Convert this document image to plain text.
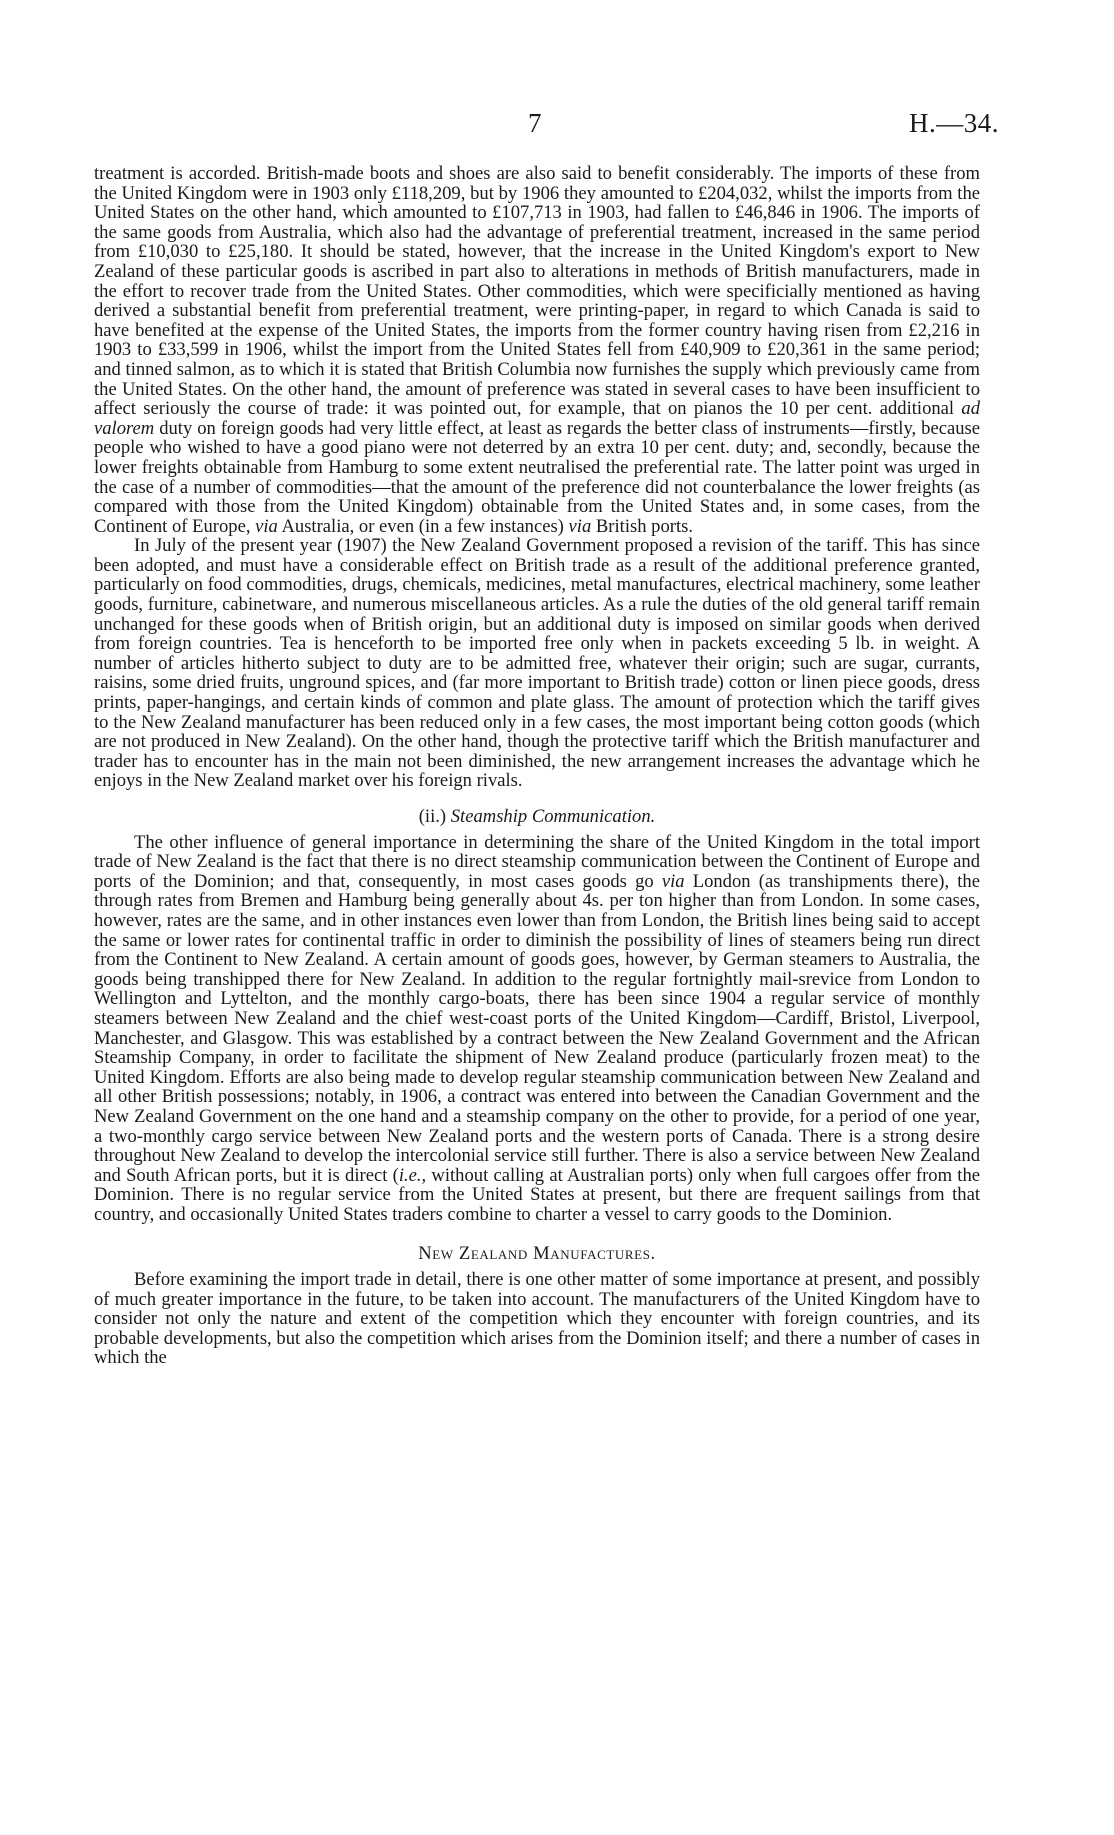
7	H.—34.

treatment is accorded. British-made boots and shoes are also said to benefit considerably. The imports of these from the United Kingdom were in 1903 only £118,209, but by 1906 they amounted to £204,032, whilst the imports from the United States on the other hand, which amounted to £107,713 in 1903, had fallen to £46,846 in 1906. The imports of the same goods from Australia, which also had the advantage of preferential treatment, increased in the same period from £10,030 to £25,180. It should be stated, however, that the increase in the United Kingdom's export to New Zealand of these particular goods is ascribed in part also to alterations in methods of British manufacturers, made in the effort to recover trade from the United States. Other commodities, which were specificially mentioned as having derived a substantial benefit from preferential treatment, were printing-paper, in regard to which Canada is said to have benefited at the expense of the United States, the imports from the former country having risen from £2,216 in 1903 to £33,599 in 1906, whilst the import from the United States fell from £40,909 to £20,361 in the same period; and tinned salmon, as to which it is stated that British Columbia now furnishes the supply which previously came from the United States. On the other hand, the amount of preference was stated in several cases to have been insufficient to affect seriously the course of trade: it was pointed out, for example, that on pianos the 10 per cent. additional ad valorem duty on foreign goods had very little effect, at least as regards the better class of instruments—firstly, because people who wished to have a good piano were not deterred by an extra 10 per cent. duty; and, secondly, because the lower freights obtainable from Hamburg to some extent neutralised the preferential rate. The latter point was urged in the case of a number of commodities—that the amount of the preference did not counterbalance the lower freights (as compared with those from the United Kingdom) obtainable from the United States and, in some cases, from the Continent of Europe, via Australia, or even (in a few instances) via British ports.

In July of the present year (1907) the New Zealand Government proposed a revision of the tariff. This has since been adopted, and must have a considerable effect on British trade as a result of the additional preference granted, particularly on food commodities, drugs, chemicals, medicines, metal manufactures, electrical machinery, some leather goods, furniture, cabinetware, and numerous miscellaneous articles. As a rule the duties of the old general tariff remain unchanged for these goods when of British origin, but an additional duty is imposed on similar goods when derived from foreign countries. Tea is henceforth to be imported free only when in packets exceeding 5 lb. in weight. A number of articles hitherto subject to duty are to be admitted free, whatever their origin; such are sugar, currants, raisins, some dried fruits, unground spices, and (far more important to British trade) cotton or linen piece goods, dress prints, paper-hangings, and certain kinds of common and plate glass. The amount of protection which the tariff gives to the New Zealand manufacturer has been reduced only in a few cases, the most important being cotton goods (which are not produced in New Zealand). On the other hand, though the protective tariff which the British manufacturer and trader has to encounter has in the main not been diminished, the new arrangement increases the advantage which he enjoys in the New Zealand market over his foreign rivals.

(ii.) Steamship Communication.

The other influence of general importance in determining the share of the United Kingdom in the total import trade of New Zealand is the fact that there is no direct steamship communication between the Continent of Europe and ports of the Dominion; and that, consequently, in most cases goods go via London (as transhipments there), the through rates from Bremen and Hamburg being generally about 4s. per ton higher than from London. In some cases, however, rates are the same, and in other instances even lower than from London, the British lines being said to accept the same or lower rates for continental traffic in order to diminish the possibility of lines of steamers being run direct from the Continent to New Zealand. A certain amount of goods goes, however, by German steamers to Australia, the goods being transhipped there for New Zealand. In addition to the regular fortnightly mail-srevice from London to Wellington and Lyttelton, and the monthly cargo-boats, there has been since 1904 a regular service of monthly steamers between New Zealand and the chief west-coast ports of the United Kingdom—Cardiff, Bristol, Liverpool, Manchester, and Glasgow. This was established by a contract between the New Zealand Government and the African Steamship Company, in order to facilitate the shipment of New Zealand produce (particularly frozen meat) to the United Kingdom. Efforts are also being made to develop regular steamship communication between New Zealand and all other British possessions; notably, in 1906, a contract was entered into between the Canadian Government and the New Zealand Government on the one hand and a steamship company on the other to provide, for a period of one year, a two-monthly cargo service between New Zealand ports and the western ports of Canada. There is a strong desire throughout New Zealand to develop the intercolonial service still further. There is also a service between New Zealand and South African ports, but it is direct (i.e., without calling at Australian ports) only when full cargoes offer from the Dominion. There is no regular service from the United States at present, but there are frequent sailings from that country, and occasionally United States traders combine to charter a vessel to carry goods to the Dominion.

New Zealand Manufactures.

Before examining the import trade in detail, there is one other matter of some importance at present, and possibly of much greater importance in the future, to be taken into account. The manufacturers of the United Kingdom have to consider not only the nature and extent of the competition which they encounter with foreign countries, and its probable developments, but also the competition which arises from the Dominion itself; and there a number of cases in which the
